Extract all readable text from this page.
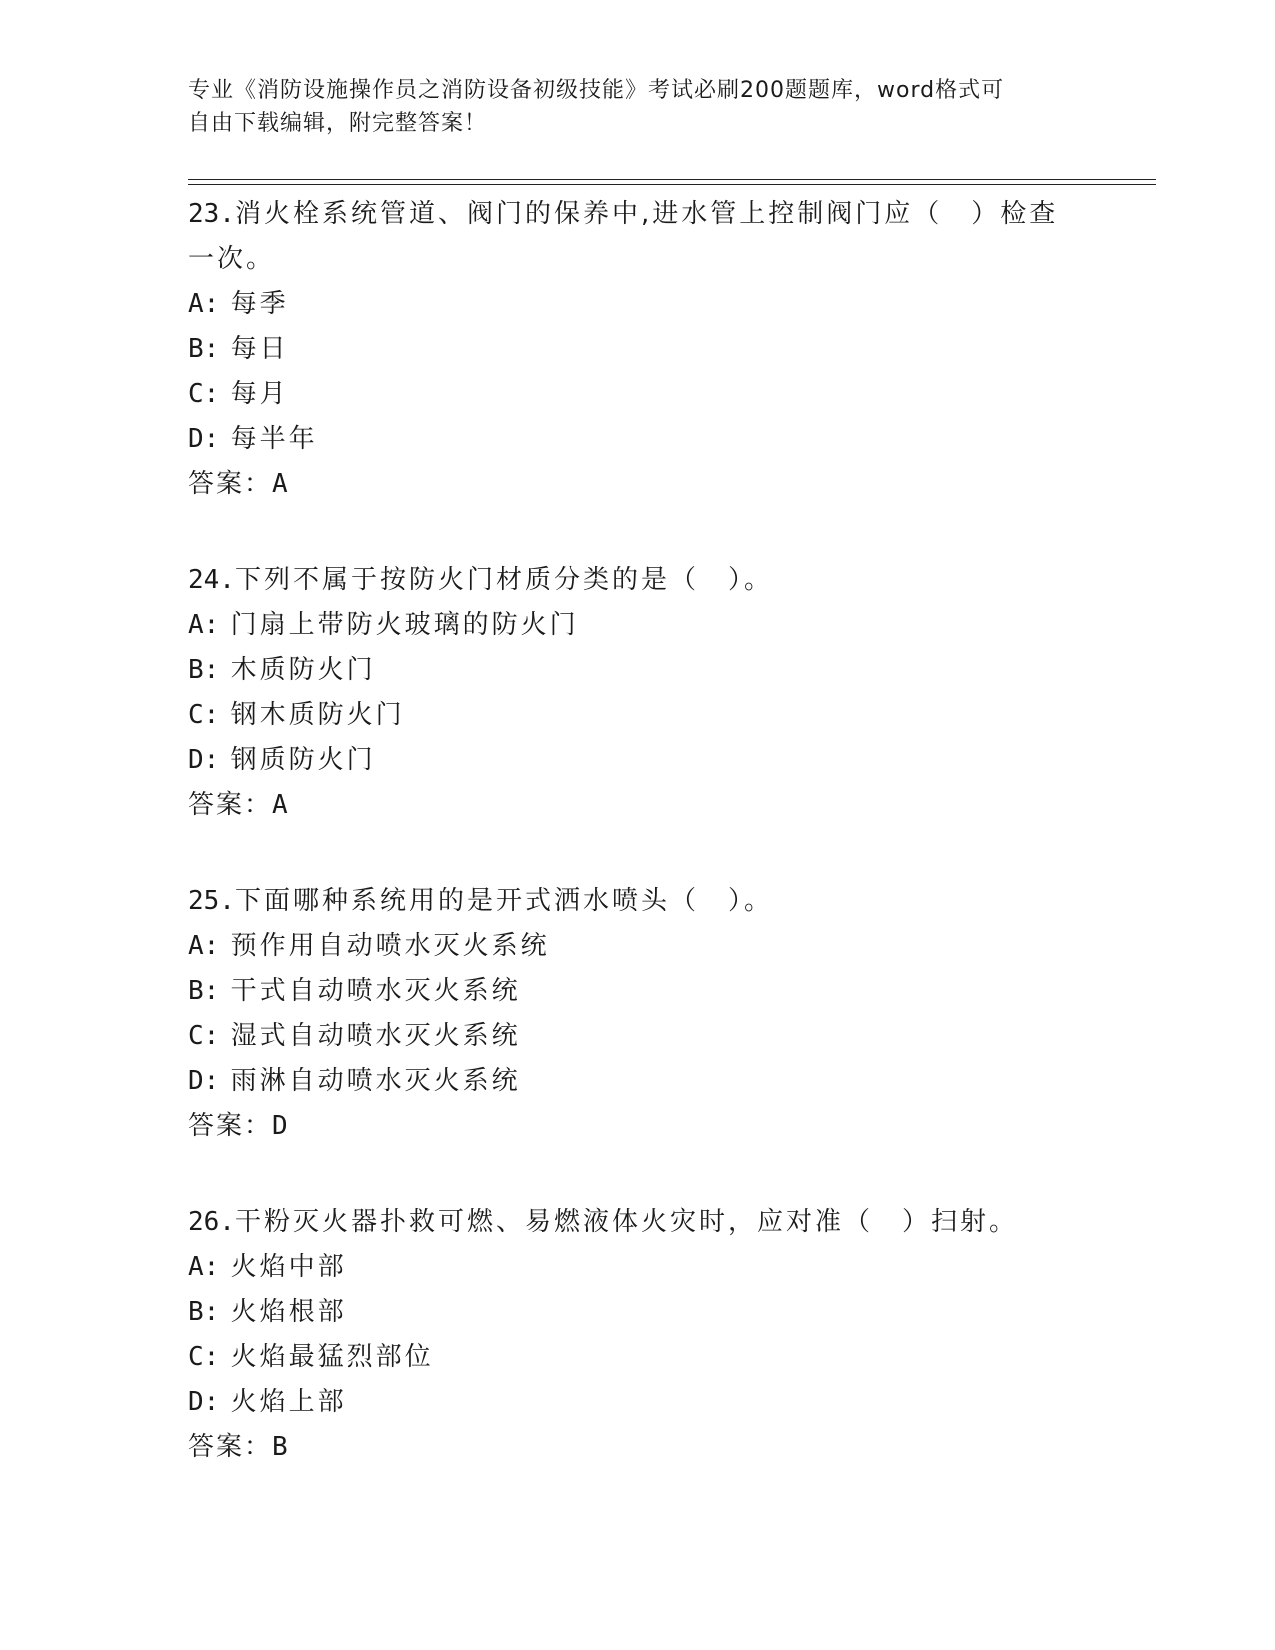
专业《消防设施操作员之消防设备初级技能》考试必刷200题题库，word格式可
自由下载编辑，附完整答案！
23.消火栓系统管道、阀门的保养中,进水管上控制阀门应（　）检查
一次。
A: 每季
B: 每日
C: 每月
D: 每半年
答案：A
24.下列不属于按防火门材质分类的是（　）。
A: 门扇上带防火玻璃的防火门
B: 木质防火门
C: 钢木质防火门
D: 钢质防火门
答案：A
25.下面哪种系统用的是开式洒水喷头（　）。
A: 预作用自动喷水灭火系统
B: 干式自动喷水灭火系统
C: 湿式自动喷水灭火系统
D: 雨淋自动喷水灭火系统
答案：D
26.干粉灭火器扑救可燃、易燃液体火灾时，应对准（　）扫射。
A: 火焰中部
B: 火焰根部
C: 火焰最猛烈部位
D: 火焰上部
答案：B
